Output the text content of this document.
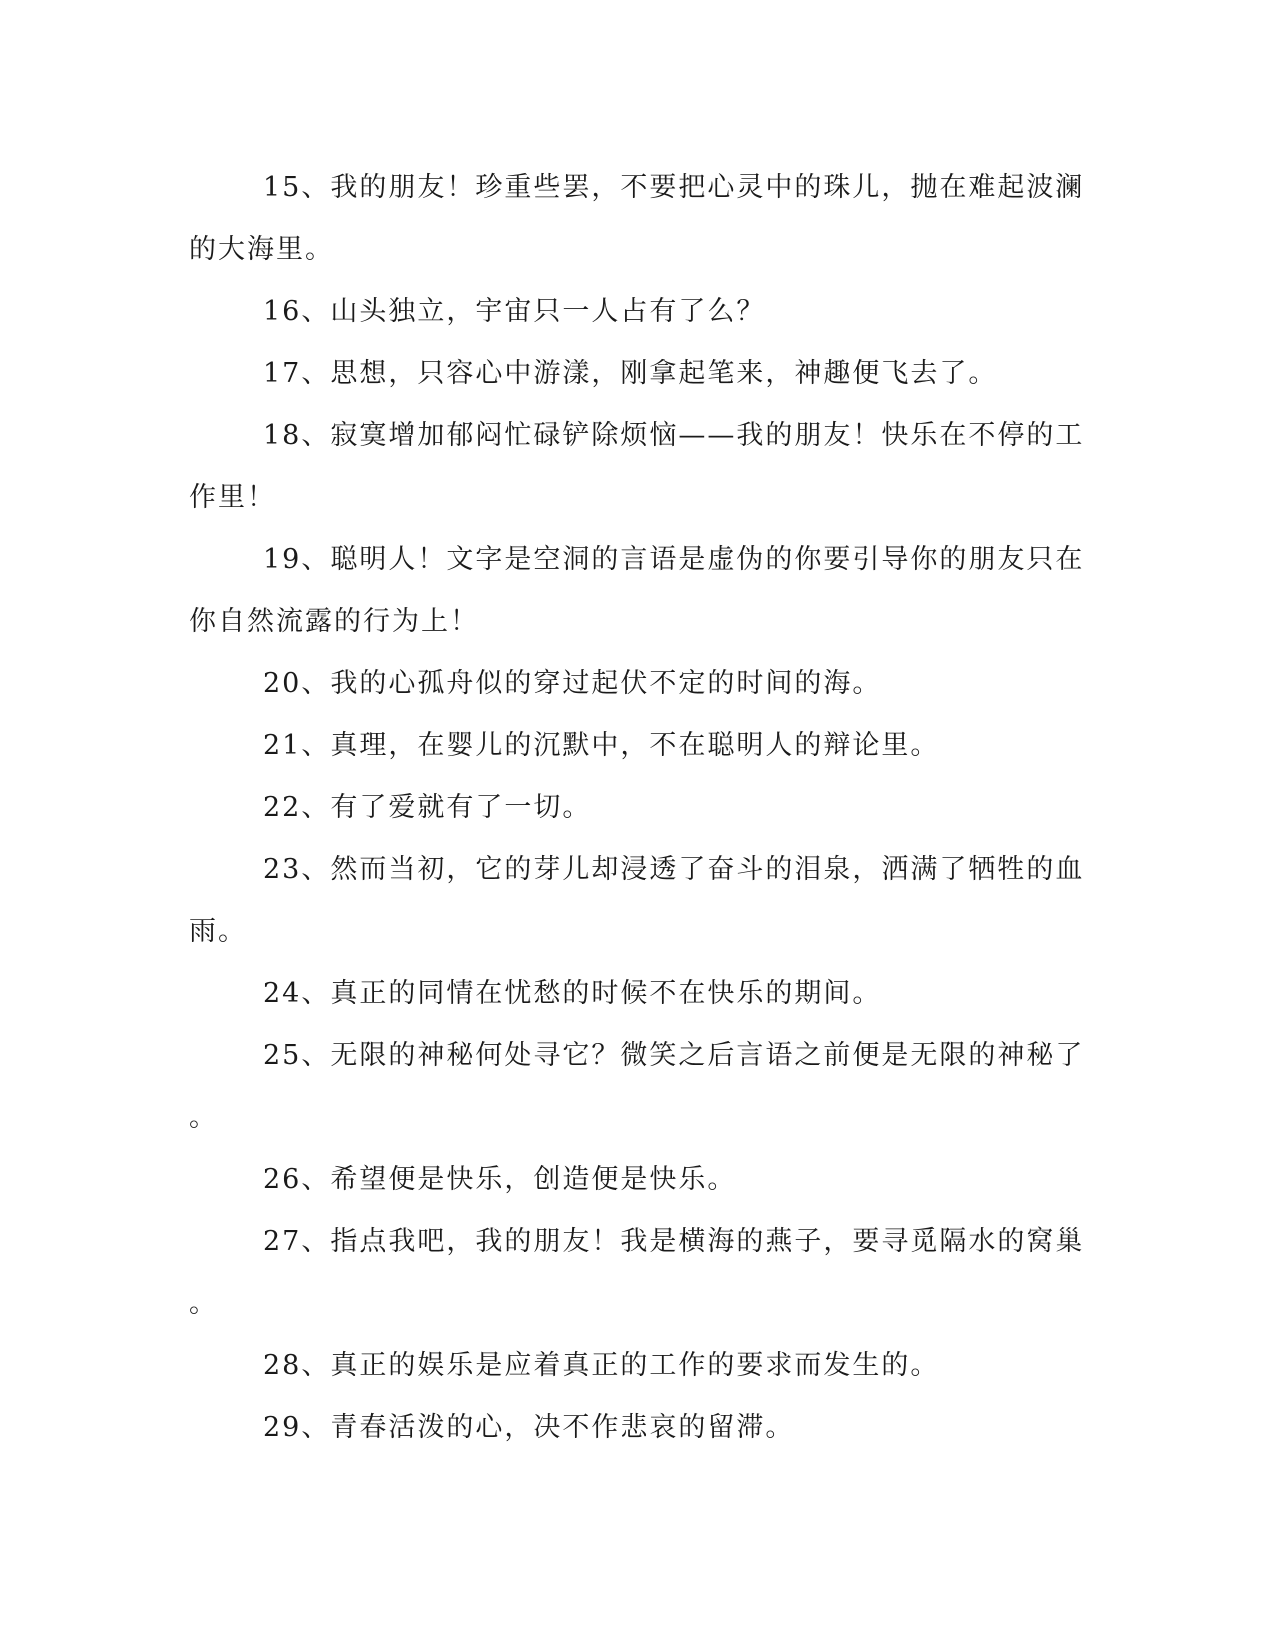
15、我的朋友！珍重些罢，不要把心灵中的珠儿，抛在难起波澜
的大海里。

16、山头独立，宇宙只一人占有了么？

17、思想，只容心中游漾，刚拿起笔来，神趣便飞去了。

18、寂寞增加郁闷忙碌铲除烦恼——我的朋友！快乐在不停的工
作里！

19、聪明人！文字是空洞的言语是虚伪的你要引导你的朋友只在
你自然流露的行为上！

20、我的心孤舟似的穿过起伏不定的时间的海。

21、真理，在婴儿的沉默中，不在聪明人的辩论里。

22、有了爱就有了一切。

23、然而当初，它的芽儿却浸透了奋斗的泪泉，洒满了牺牲的血
雨。

24、真正的同情在忧愁的时候不在快乐的期间。

25、无限的神秘何处寻它？微笑之后言语之前便是无限的神秘了
。

26、希望便是快乐，创造便是快乐。

27、指点我吧，我的朋友！我是横海的燕子，要寻觅隔水的窝巢
。

28、真正的娱乐是应着真正的工作的要求而发生的。

29、青春活泼的心，决不作悲哀的留滞。
